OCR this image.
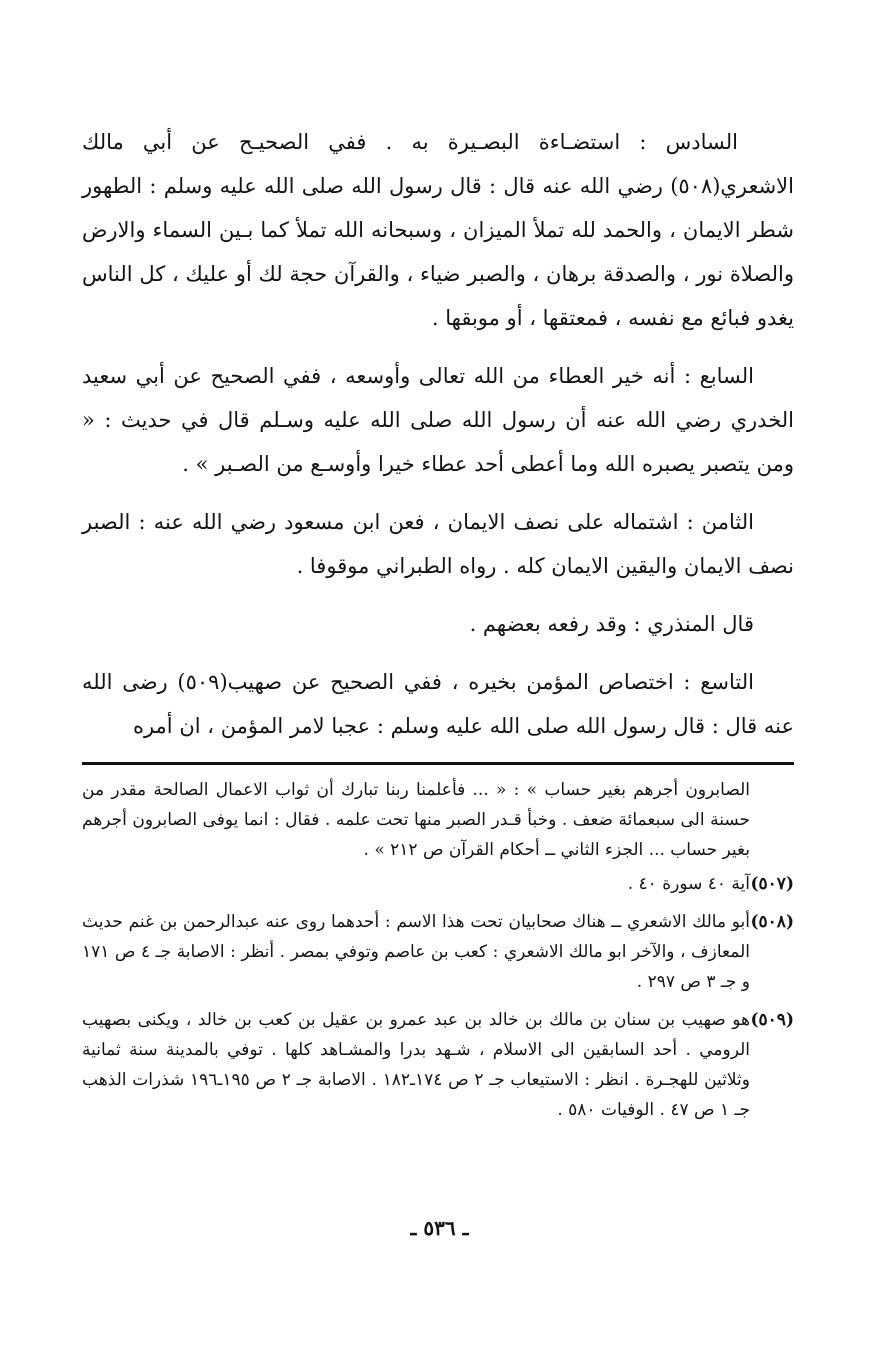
السادس : استضـاءة البصـيرة به . ففي الصحيـح عن أبي مالك الاشعري(٥٠٨) رضي الله عنه قال : قال رسول الله صلى الله عليه وسلم : الطهور شطر الايمان ، والحمد لله تملأ الميزان ، وسبحانه الله تملأ كما بـين السماء والارض والصلاة نور ، والصدقة برهان ، والصبر ضياء ، والقرآن حجة لك أو عليك ، كل الناس يغدو فبائع مع نفسه ، فمعتقها ، أو موبقها .

السابع : أنه خير العطاء من الله تعالى وأوسعه ، ففي الصحيح عن أبي سعيد الخدري رضي الله عنه أن رسول الله صلى الله عليه وسـلم قال في حديث : « ومن يتصبر يصبره الله وما أعطى أحد عطاء خيرا وأوسـع من الصـبر » .

الثامن : اشتماله على نصف الايمان ، فعن ابن مسعود رضي الله عنه : الصبر نصف الايمان واليقين الايمان كله . رواه الطبراني موقوفا .

قال المنذري : وقد رفعه بعضهم .

التاسع : اختصاص المؤمن بخيره ، ففي الصحيح عن صهيب(٥٠٩) رضى الله عنه قال : قال رسول الله صلى الله عليه وسلم : عجبا لامر المؤمن ، ان أمره

الصابرون أجرهم بغير حساب » : « ... فأعلمنا ربنا تبارك أن ثواب الاعمال الصالحة مقدر من حسنة الى سبعمائة ضعف . وخبأ قـدر الصبر منها تحت علمه . فقال : انما يوفى الصابرون أجرهم بغير حساب ... الجزء الثاني ــ أحكام القرآن ص ٢١٢ » .
(٥٠٧)
آية ٤٠ سورة ٤٠ .
(٥٠٨)
أبو مالك الاشعري ــ هناك صحابيان تحت هذا الاسم : أحدهما روى عنه عبدالرحمن بن غنم حديث المعازف ، والآخر ابو مالك الاشعري : كعب بن عاصم وتوفي بمصر . أنظر : الاصابة جـ ٤ ص ١٧١ و جـ ٣ ص ٢٩٧ .
(٥٠٩)
هو صهيب بن سنان بن مالك بن خالد بن عبد عمرو بن عقيل بن كعب بن خالد ، ويكنى بصهيب الرومي . أحد السابقين الى الاسلام ، شـهد بدرا والمشـاهد كلها . توفي بالمدينة سنة ثمانية وثلاثين للهجـرة . انظر : الاستيعاب جـ ٢ ص ١٧٤ـ١٨٢ . الاصابة جـ ٢ ص ١٩٥ـ١٩٦ شذرات الذهب جـ ١ ص ٤٧ . الوفيات ٥٨٠ .
ـ ٥٣٦ ـ
